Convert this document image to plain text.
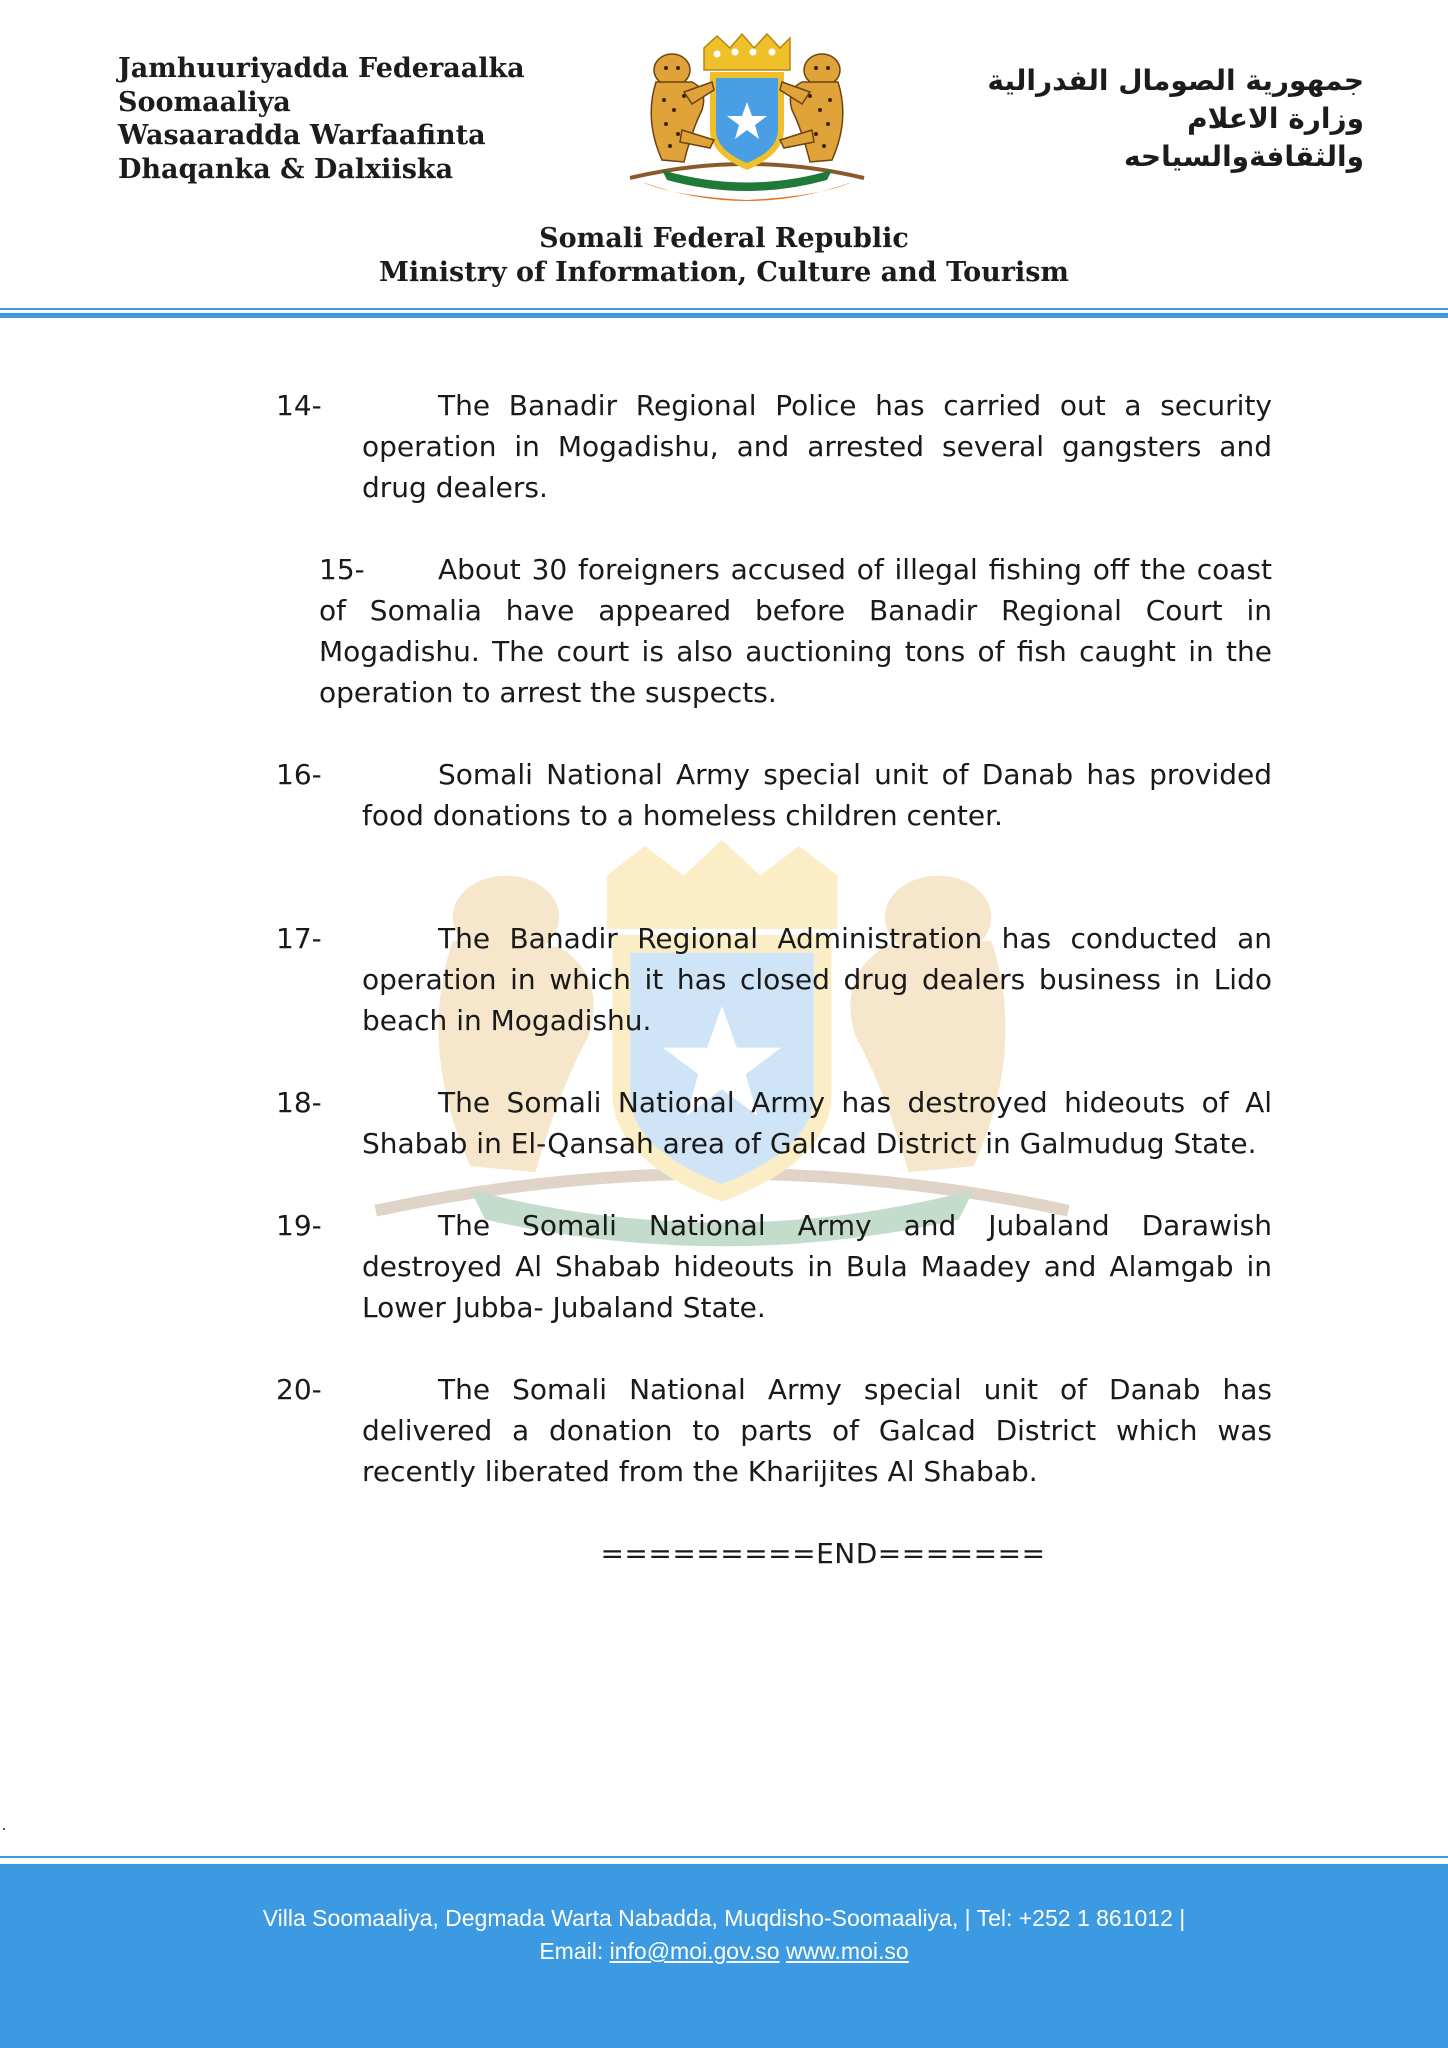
Jamhuuriyadda Federaalka
Soomaaliya
Wasaaradda Warfaafinta
Dhaqanka & Dalxiiska
جمهورية الصومال الفدرالية
وزارة الاعلام
والثقافةوالسياحه
Somali Federal Republic
Ministry of Information, Culture and Tourism

14-	The Banadir Regional Police has carried out a security operation in Mogadishu, and arrested several gangsters and drug dealers.

15-	About 30 foreigners accused of illegal fishing off the coast of Somalia have appeared before Banadir Regional Court in Mogadishu. The court is also auctioning tons of fish caught in the operation to arrest the suspects.

16-	Somali National Army special unit of Danab has provided food donations to a homeless children center.

17-	The Banadir Regional Administration has conducted an operation in which it has closed drug dealers business in Lido beach in Mogadishu.

18-	The Somali National Army has destroyed hideouts of Al Shabab in El-Qansah area of Galcad District in Galmudug State.

19-	The Somali National Army and Jubaland Darawish destroyed Al Shabab hideouts in Bula Maadey and Alamgab in Lower Jubba- Jubaland State.

20-	The Somali National Army special unit of Danab has delivered a donation to parts of Galcad District which was recently liberated from the Kharijites Al Shabab.

=========END=======

Villa Soomaaliya, Degmada Warta Nabadda, Muqdisho-Soomaaliya, | Tel: +252 1 861012 |
Email: info@moi.gov.so www.moi.so
